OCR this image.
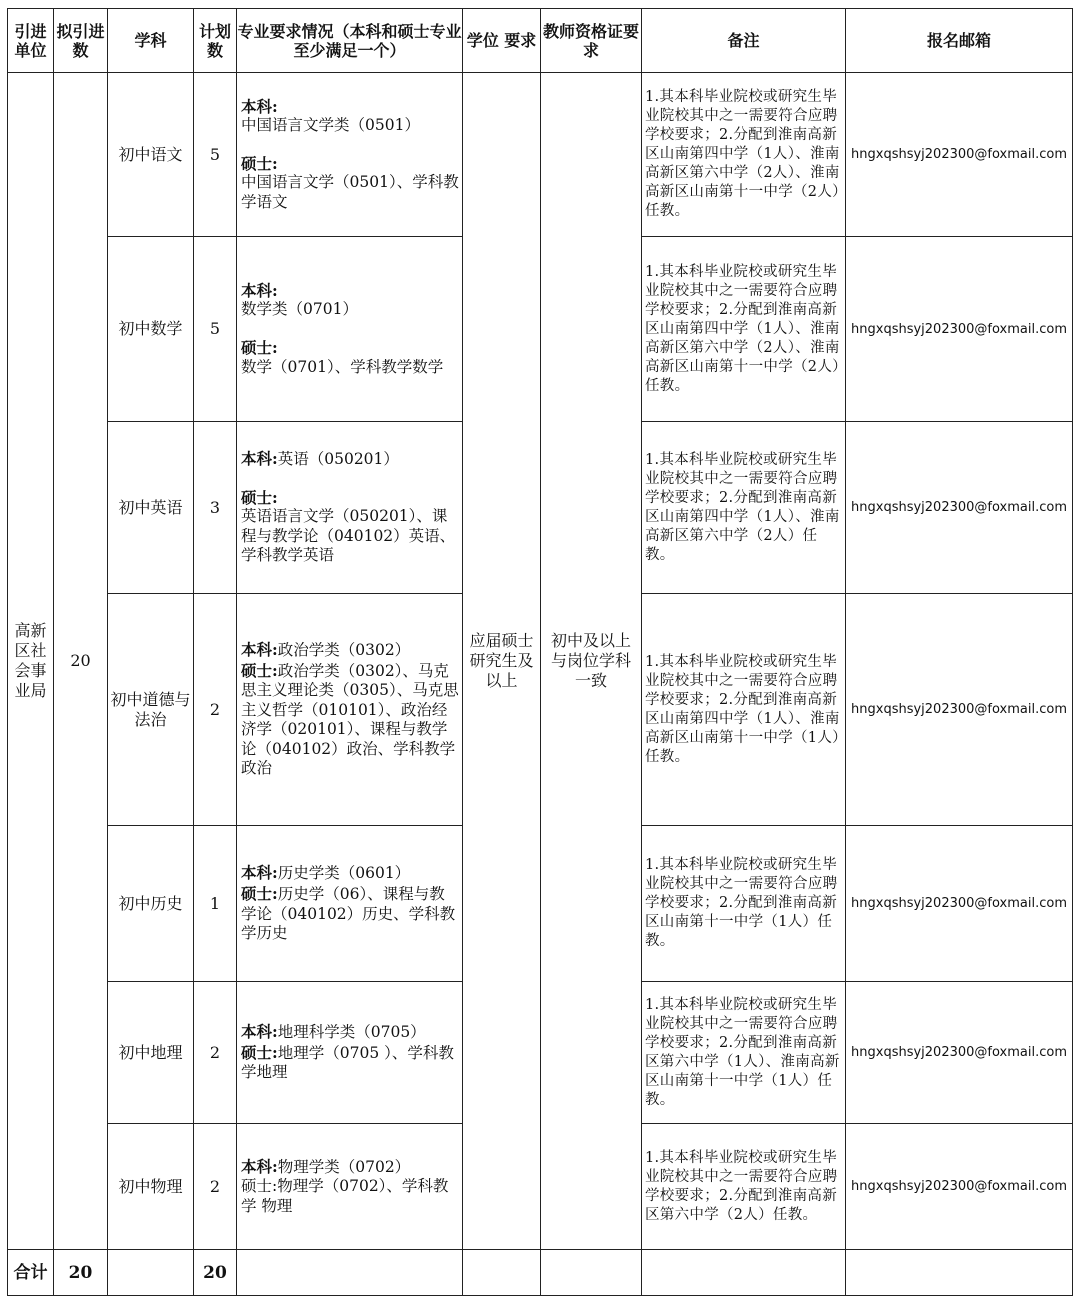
引进单位	拟引进数	学科	计划数	专业要求情况（本科和硕士专业至少满足一个）	学位 要求	教师资格证要求	备注	报名邮箱
高新区社会事业局	20	初中语文	5	本科:
中国语言文学类（0501）
硕士:
中国语言文学（0501）、学科教学语文	应届硕士研究生及以上	初中及以上与岗位学科一致	1.其本科毕业院校或研究生毕业院校其中之一需要符合应聘学校要求；2.分配到淮南高新区山南第四中学（1人）、淮南高新区第六中学（2人）、淮南高新区山南第十一中学（2人）任教。	hngxqshsyj202300@foxmail.com
		初中数学	5	本科:
数学类（0701）
硕士:
数学（0701）、学科教学数学			1.其本科毕业院校或研究生毕业院校其中之一需要符合应聘 学校要求；2.分配到淮南高新区山南第四中学（1人）、淮南高新区第六中学（2人）、淮南高新区山南第十一中学（2人）任教。	hngxqshsyj202300@foxmail.com
		初中英语	3	本科:英语（050201）
硕士:
英语语言文学（050201）、课程与教学论（040102）英语、学科教学英语			1.其本科毕业院校或研究生毕业院校其中之一需要符合应聘学校要求；2.分配到淮南高新区山南第四中学（1人）、淮南高新区第六中学（2人）任教。	hngxqshsyj202300@foxmail.com
		初中道德与法治	2	本科:政治学类（0302）
硕士:政治学类（0302）、马克思主义理论类（0305）、马克思主义哲学（010101）、政治经济学（020101）、课程与教学论（040102）政治、学科教学政治			1.其本科毕业院校或研究生毕业院校其中之一需要符合应聘 学校要求；2.分配到淮南高新区山南第四中学（1人）、淮南高新区山南第十一中学（1人）任教。	hngxqshsyj202300@foxmail.com
		初中历史	1	本科:历史学类（0601）
硕士:历史学（06）、课程与教学论（040102）历史、学科教学历史			1.其本科毕业院校或研究生毕业院校其中之一需要符合应聘 学校要求；2.分配到淮南高新区山南第十一中学（1人）任教。	hngxqshsyj202300@foxmail.com
		初中地理	2	本科:地理科学类（0705）
硕士:地理学（0705 ）、学科教学地理			1.其本科毕业院校或研究生毕业院校其中之一需要符合应聘 学校要求；2.分配到淮南高新区第六中学（1人）、淮南高新区山南第十一中学（1人）任教。	hngxqshsyj202300@foxmail.com
		初中物理	2	本科:物理学类（0702）
硕士:物理学（0702）、学科教学 物理			1.其本科毕业院校或研究生毕业院校其中之一需要符合应聘 学校要求；2.分配到淮南高新区第六中学（2人）任教。	hngxqshsyj202300@foxmail.com
合计	20		20					
